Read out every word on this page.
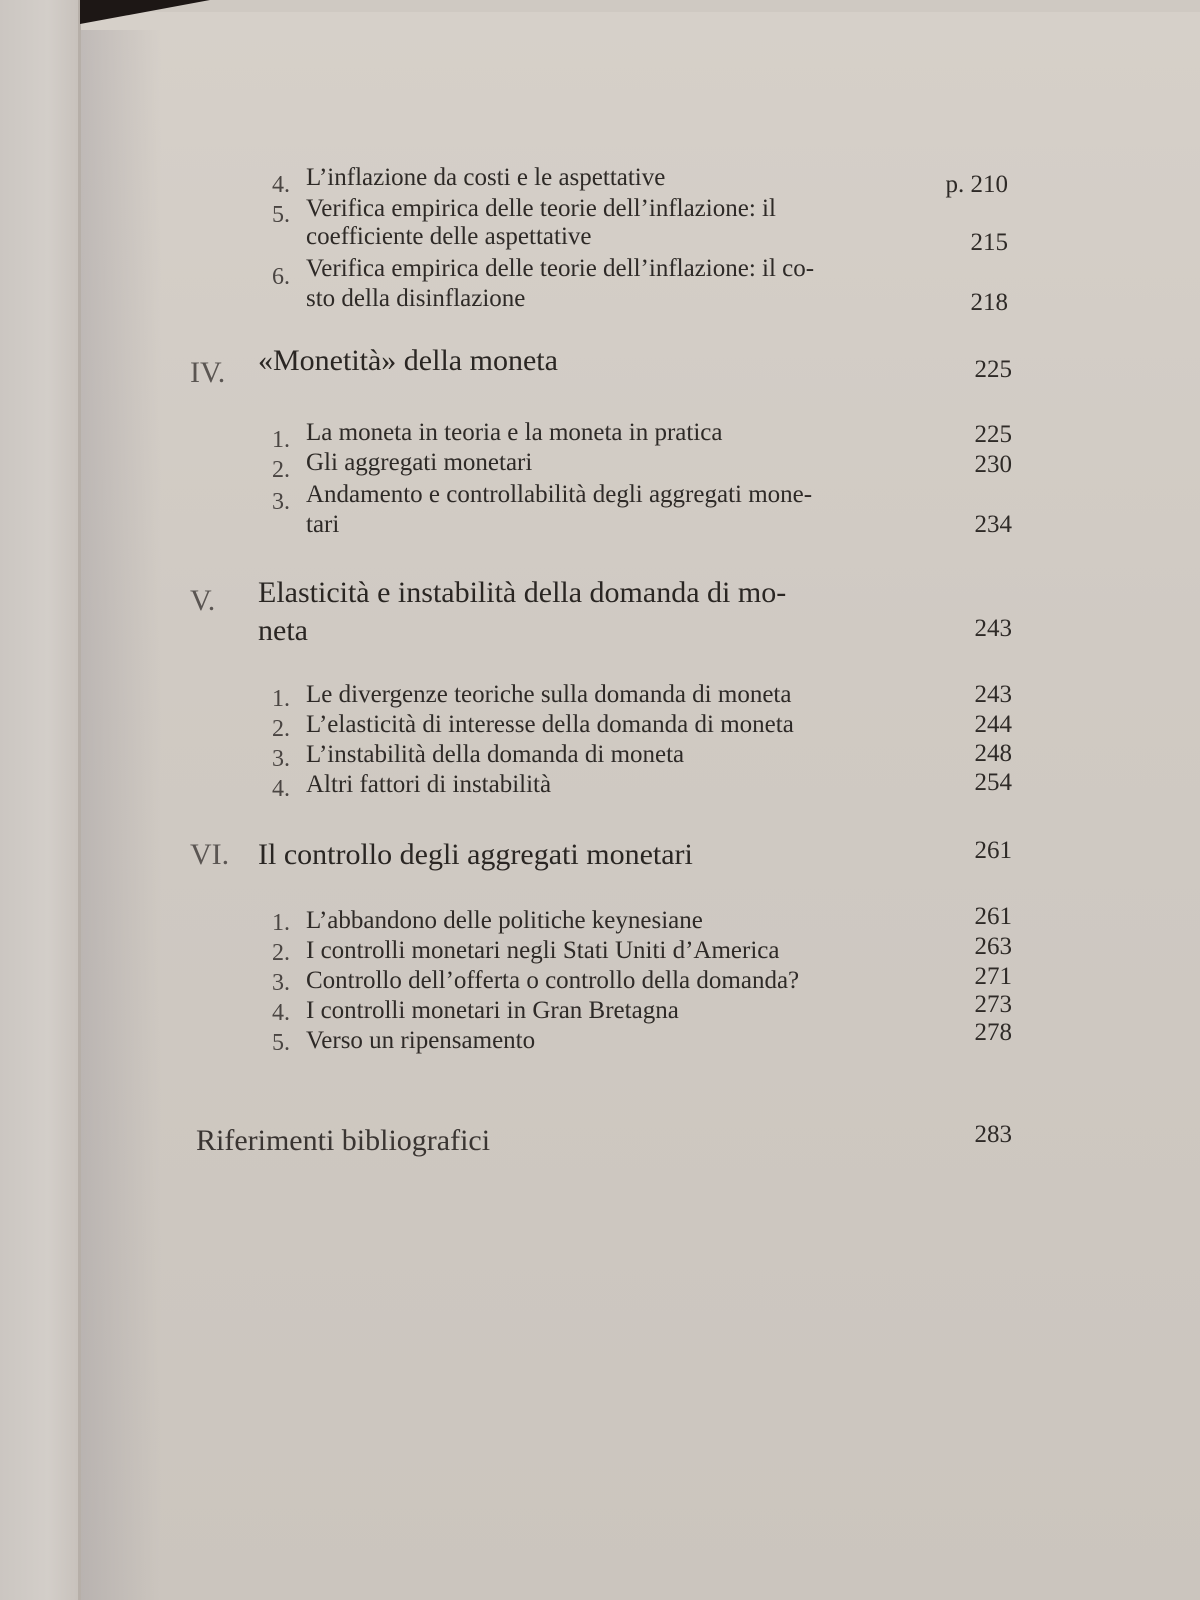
4. L’inflazione da costi e le aspettative	p. 210
5. Verifica empirica delle teorie dell’inflazione: il
coefficiente delle aspettative	215
6. Verifica empirica delle teorie dell’inflazione: il co-
sto della disinflazione	218
IV. «Monetità» della moneta	225
1. La moneta in teoria e la moneta in pratica	225
2. Gli aggregati monetari	230
3. Andamento e controllabilità degli aggregati mone-
tari	234
V. Elasticità e instabilità della domanda di mo-
neta	243
1. Le divergenze teoriche sulla domanda di moneta	243
2. L’elasticità di interesse della domanda di moneta	244
3. L’instabilità della domanda di moneta	248
4. Altri fattori di instabilità	254
VI. Il controllo degli aggregati monetari	261
1. L’abbandono delle politiche keynesiane	261
2. I controlli monetari negli Stati Uniti d’America	263
3. Controllo dell’offerta o controllo della domanda?	271
4. I controlli monetari in Gran Bretagna	273
5. Verso un ripensamento	278
Riferimenti bibliografici	283
